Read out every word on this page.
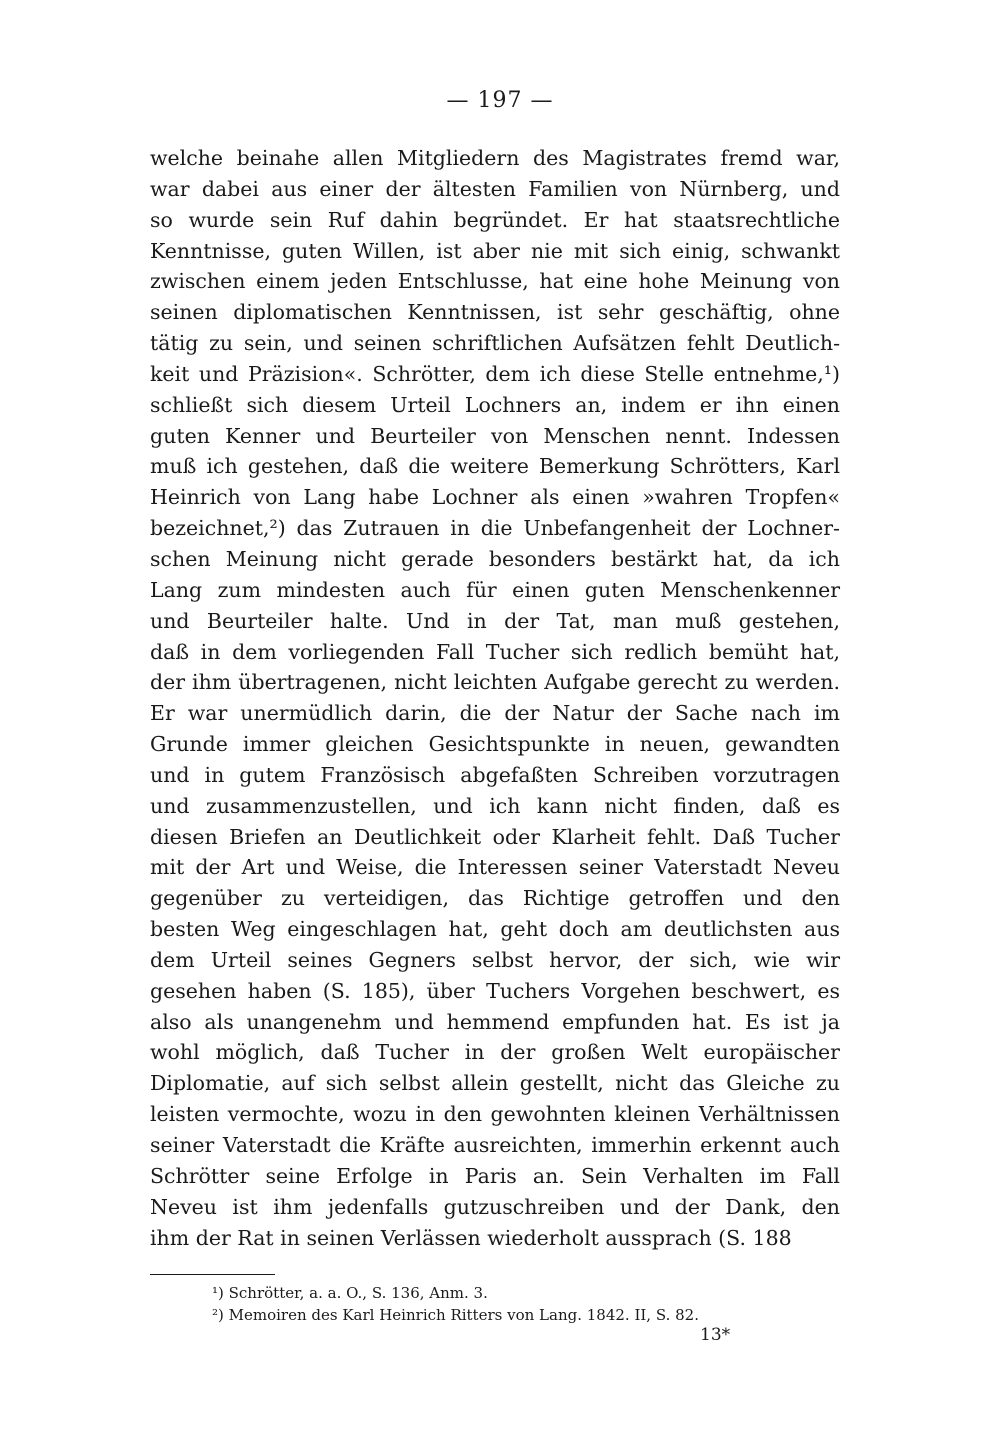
— 197 —
welche beinahe allen Mitgliedern des Magistrates fremd war,
war dabei aus einer der ältesten Familien von Nürnberg, und
so wurde sein Ruf dahin begründet. Er hat staatsrechtliche
Kenntnisse, guten Willen, ist aber nie mit sich einig, schwankt
zwischen einem jeden Entschlusse, hat eine hohe Meinung von
seinen diplomatischen Kenntnissen, ist sehr geschäftig, ohne
tätig zu sein, und seinen schriftlichen Aufsätzen fehlt Deutlich-
keit und Präzision«. Schrötter, dem ich diese Stelle entnehme,¹)
schließt sich diesem Urteil Lochners an, indem er ihn einen
guten Kenner und Beurteiler von Menschen nennt. Indessen
muß ich gestehen, daß die weitere Bemerkung Schrötters, Karl
Heinrich von Lang habe Lochner als einen »wahren Tropfen«
bezeichnet,²) das Zutrauen in die Unbefangenheit der Lochner-
schen Meinung nicht gerade besonders bestärkt hat, da ich
Lang zum mindesten auch für einen guten Menschenkenner
und Beurteiler halte. Und in der Tat, man muß gestehen,
daß in dem vorliegenden Fall Tucher sich redlich bemüht hat,
der ihm übertragenen, nicht leichten Aufgabe gerecht zu werden.
Er war unermüdlich darin, die der Natur der Sache nach im
Grunde immer gleichen Gesichtspunkte in neuen, gewandten
und in gutem Französisch abgefaßten Schreiben vorzutragen
und zusammenzustellen, und ich kann nicht finden, daß es
diesen Briefen an Deutlichkeit oder Klarheit fehlt. Daß Tucher
mit der Art und Weise, die Interessen seiner Vaterstadt Neveu
gegenüber zu verteidigen, das Richtige getroffen und den
besten Weg eingeschlagen hat, geht doch am deutlichsten aus
dem Urteil seines Gegners selbst hervor, der sich, wie wir
gesehen haben (S. 185), über Tuchers Vorgehen beschwert, es
also als unangenehm und hemmend empfunden hat. Es ist ja
wohl möglich, daß Tucher in der großen Welt europäischer
Diplomatie, auf sich selbst allein gestellt, nicht das Gleiche zu
leisten vermochte, wozu in den gewohnten kleinen Verhältnissen
seiner Vaterstadt die Kräfte ausreichten, immerhin erkennt auch
Schrötter seine Erfolge in Paris an. Sein Verhalten im Fall
Neveu ist ihm jedenfalls gutzuschreiben und der Dank, den
ihm der Rat in seinen Verlässen wiederholt aussprach (S. 188
¹) Schrötter, a. a. O., S. 136, Anm. 3.
²) Memoiren des Karl Heinrich Ritters von Lang. 1842. II, S. 82.
13*
